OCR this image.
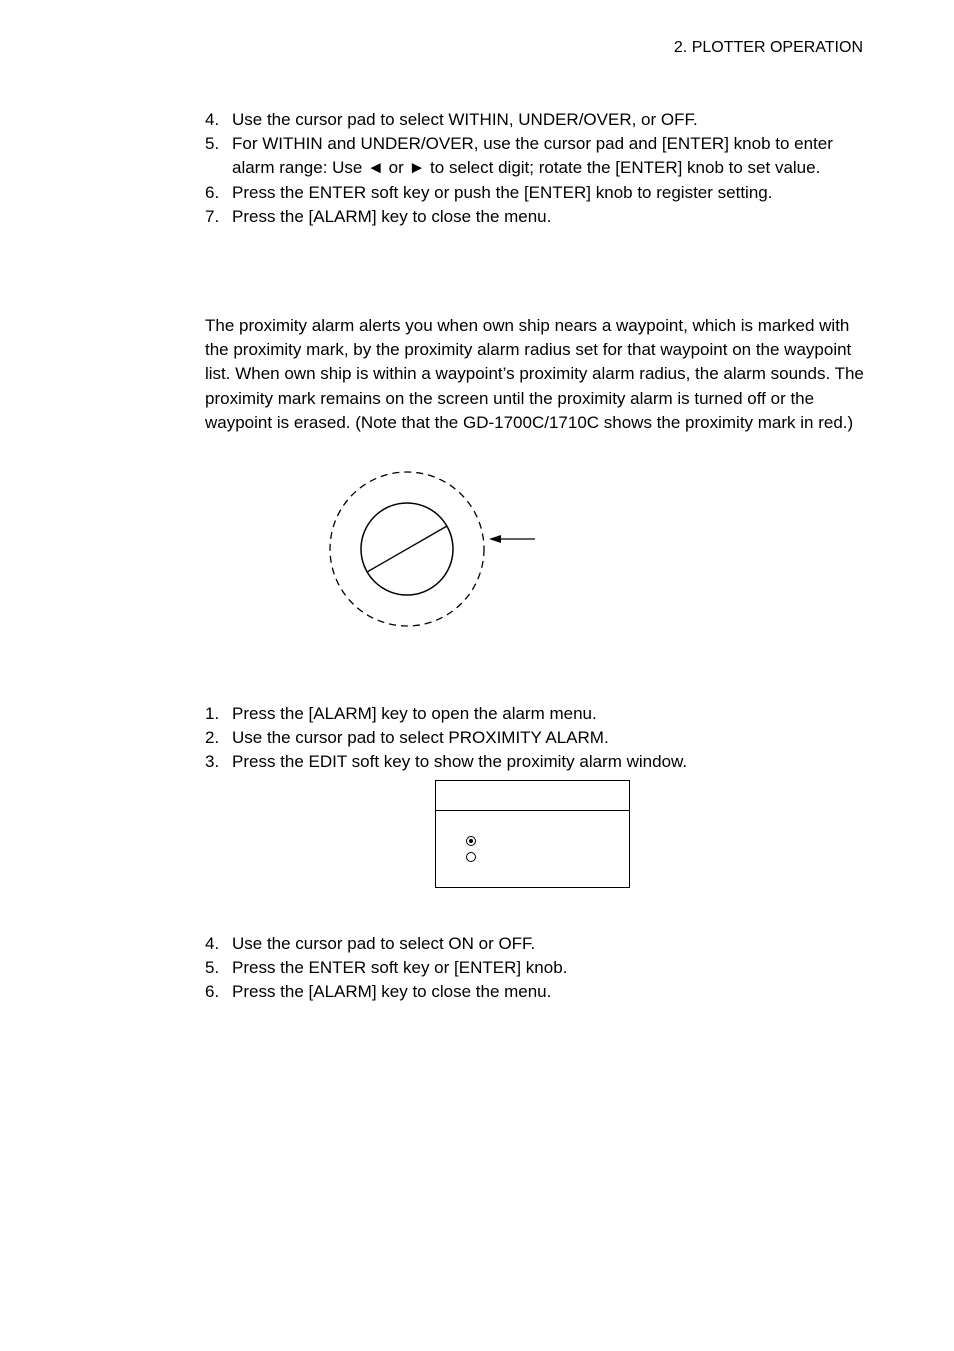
2. PLOTTER OPERATION
4. Use the cursor pad to select WITHIN, UNDER/OVER, or OFF.
5. For WITHIN and UNDER/OVER, use the cursor pad and [ENTER] knob to enter alarm range: Use ◄ or ► to select digit; rotate the [ENTER] knob to set value.
6. Press the ENTER soft key or push the [ENTER] knob to register setting.
7. Press the [ALARM] key to close the menu.

The proximity alarm alerts you when own ship nears a waypoint, which is marked with the proximity mark, by the proximity alarm radius set for that waypoint on the waypoint list. When own ship is within a waypoint’s proximity alarm radius, the alarm sounds. The proximity mark remains on the screen until the proximity alarm is turned off or the waypoint is erased. (Note that the GD-1700C/1710C shows the proximity mark in red.)

1. Press the [ALARM] key to open the alarm menu.
2. Use the cursor pad to select PROXIMITY ALARM.
3. Press the EDIT soft key to show the proximity alarm window.
4. Use the cursor pad to select ON or OFF.
5. Press the ENTER soft key or [ENTER] knob.
6. Press the [ALARM] key to close the menu.
